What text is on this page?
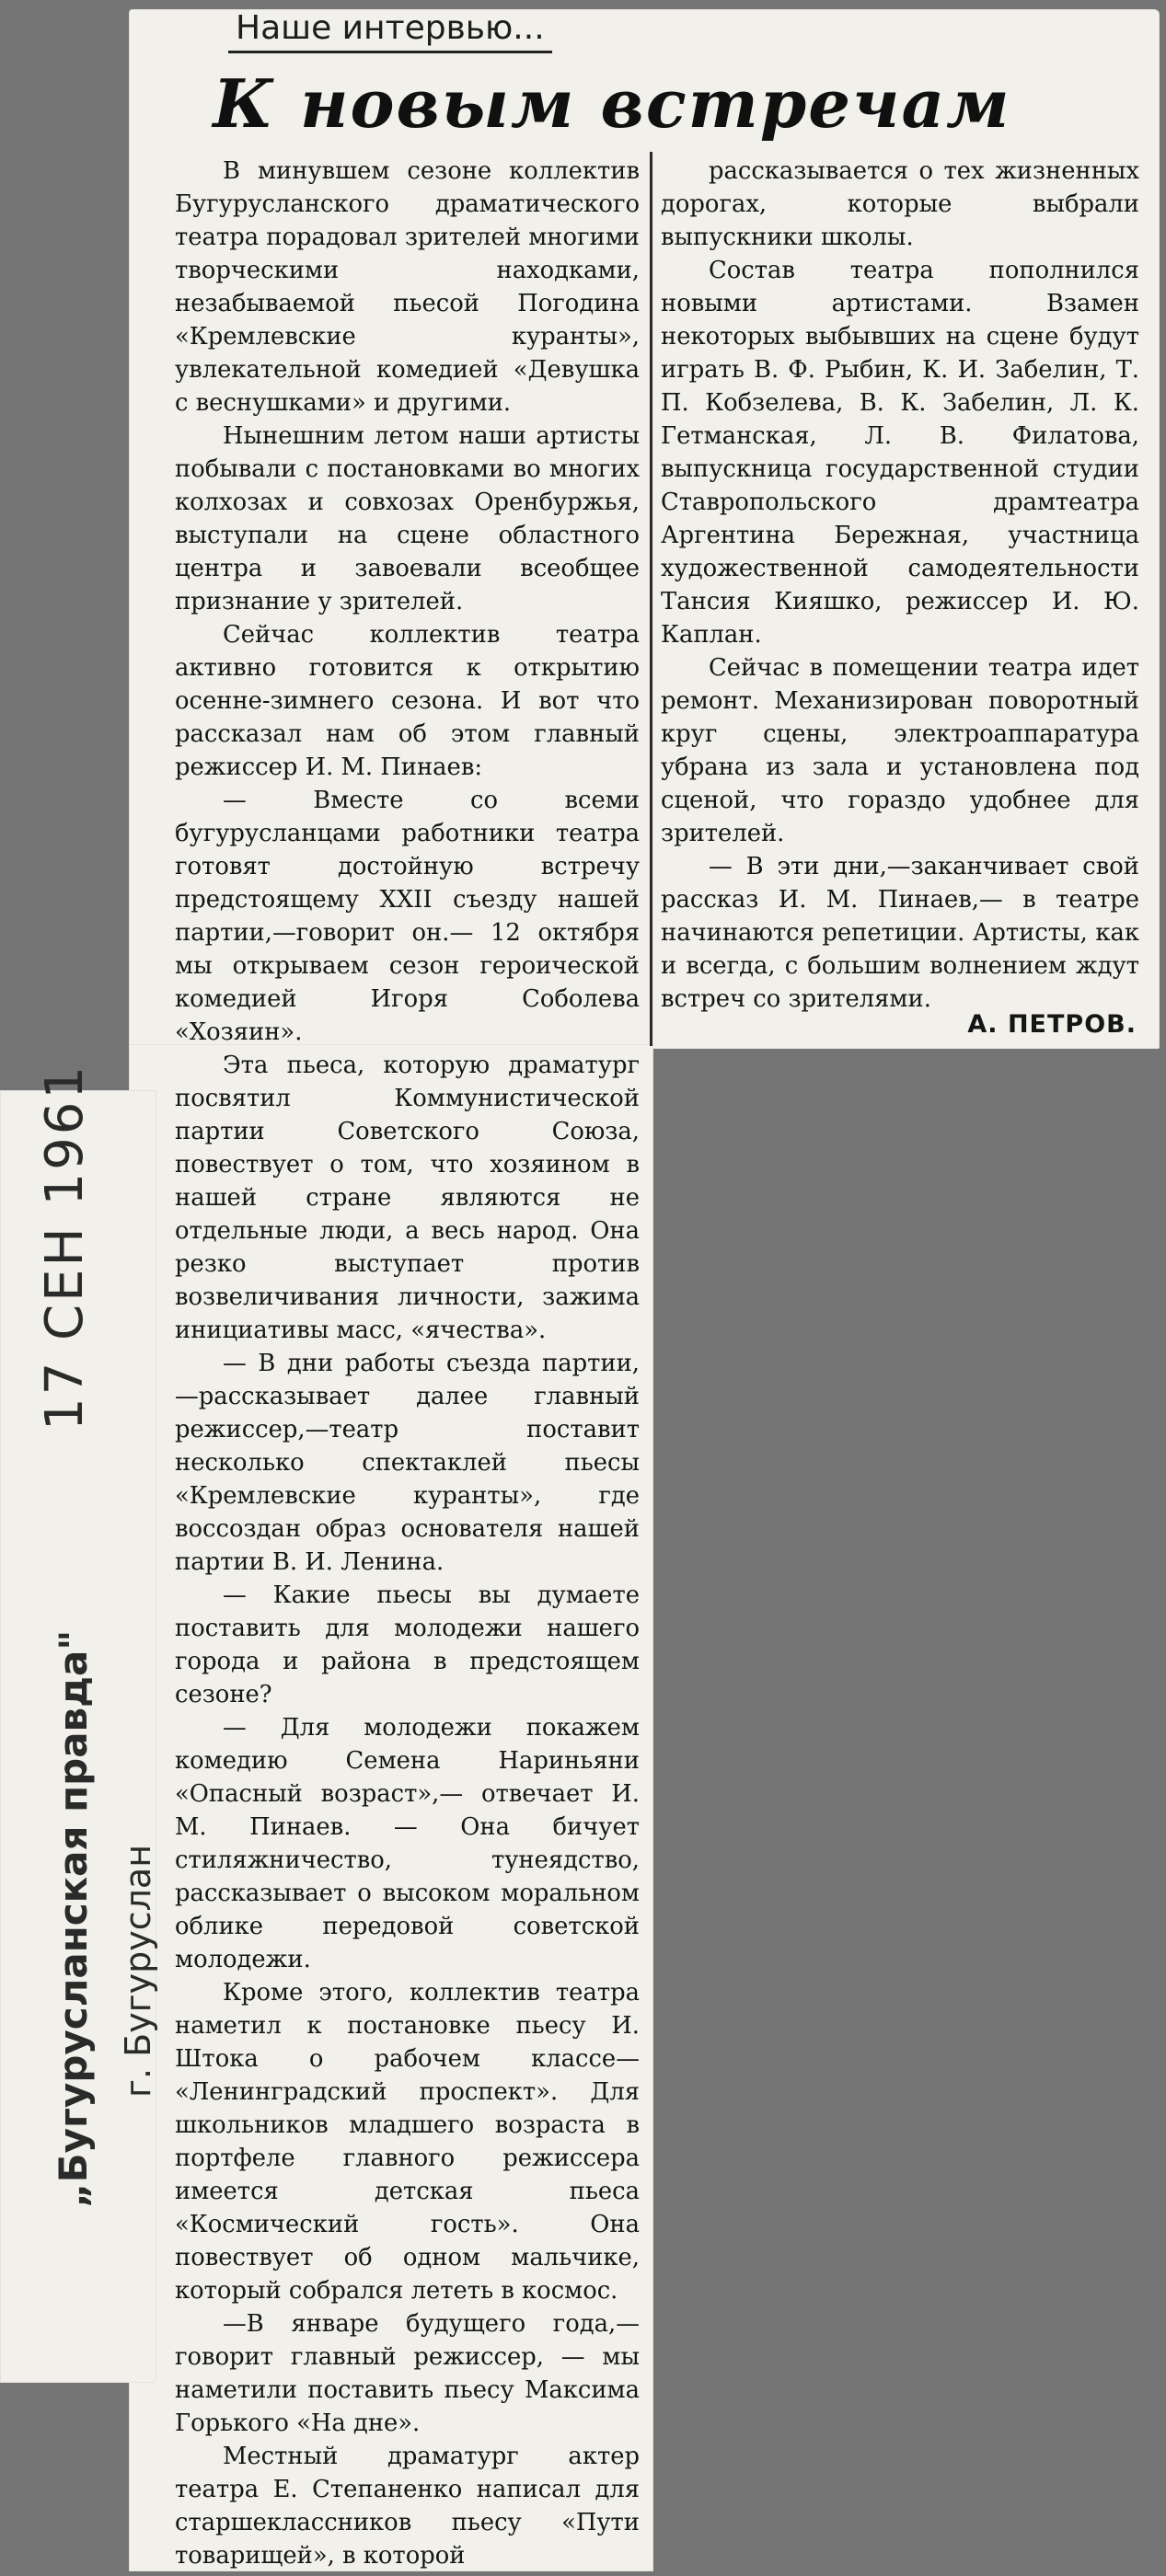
Наше интервью...
К новым встречам

В минувшем сезоне коллектив Бугурусланского драматического театра порадовал зрителей многими творческими находками, незабываемой пьесой Погодина «Кремлевские куранты», увлекательной комедией «Девушка с веснушками» и другими.

Нынешним летом наши артисты побывали с постановками во многих колхозах и совхозах Оренбуржья, выступали на сцене областного центра и завоевали всеобщее признание у зрителей.

Сейчас коллектив театра активно готовится к открытию осенне-зимнего сезона. И вот что рассказал нам об этом главный режиссер И. М. Пинаев:

— Вместе со всеми бугурусланцами работники театра готовят достойную встречу предстоящему XXII съезду нашей партии,—говорит он.— 12 октября мы открываем сезон героической комедией Игоря Соболева «Хозяин».

Эта пьеса, которую драматург посвятил Коммунистической партии Советского Союза, повествует о том, что хозяином в нашей стране являются не отдельные люди, а весь народ. Она резко выступает против возвеличивания личности, зажима инициативы масс, «ячества».

— В дни работы съезда партии,—рассказывает далее главный режиссер,—театр поставит несколько спектаклей пьесы «Кремлевские куранты», где воссоздан образ основателя нашей партии В. И. Ленина.

— Какие пьесы вы думаете поставить для молодежи нашего города и района в предстоящем сезоне?

— Для молодежи покажем комедию Семена Нариньяни «Опасный возраст»,— отвечает И. М. Пинаев. — Она бичует стиляжничество, тунеядство, рассказывает о высоком моральном облике передовой советской молодежи.

Кроме этого, коллектив театра наметил к постановке пьесу И. Штока о рабочем классе— «Ленинградский проспект». Для школьников младшего возраста в портфеле главного режиссера имеется детская пьеса «Космический гость». Она повествует об одном мальчике, который собрался лететь в космос.

—В январе будущего года,— говорит главный режиссер, — мы наметили поставить пьесу Максима Горького «На дне».

Местный драматург актер театра Е. Степаненко написал для старшеклассников пьесу «Пути товарищей», в которой

рассказывается о тех жизненных дорогах, которые выбрали выпускники школы.

Состав театра пополнился новыми артистами. Взамен некоторых выбывших на сцене будут играть В. Ф. Рыбин, К. И. Забелин, Т. П. Кобзелева, В. К. Забелин, Л. К. Гетманская, Л. В. Филатова, выпускница государственной студии Ставропольского драмтеатра Аргентина Бережная, участница художественной самодеятельности Тансия Кияшко, режиссер И. Ю. Каплан.

Сейчас в помещении театра идет ремонт. Механизирован поворотный круг сцены, электроаппаратура убрана из зала и установлена под сценой, что гораздо удобнее для зрителей.

— В эти дни,—заканчивает свой рассказ И. М. Пинаев,— в театре начинаются репетиции. Артисты, как и всегда, с большим волнением ждут встреч со зрителями.

А. ПЕТРОВ.

17 СЕН 1961
„Бугурусланская правда" г. Бугуруслан
